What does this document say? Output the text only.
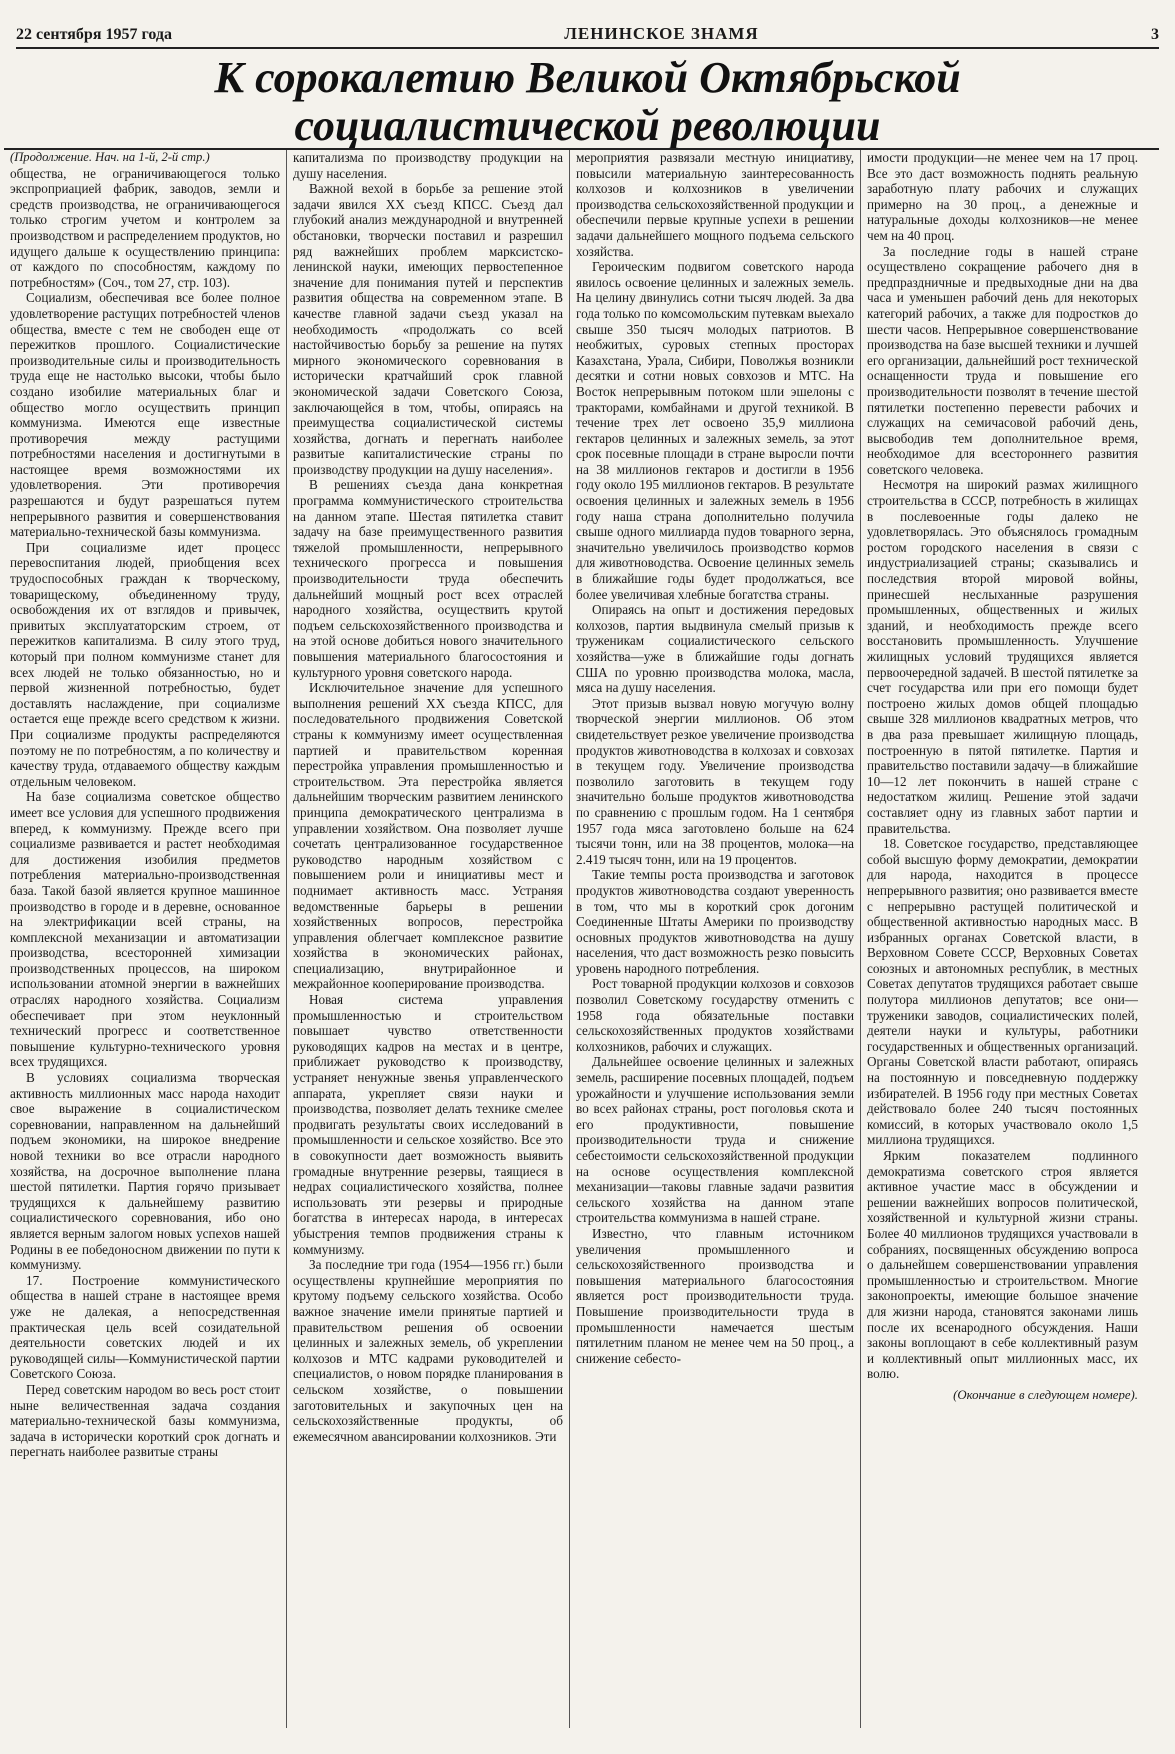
22 сентября 1957 года	ЛЕНИНСКОЕ ЗНАМЯ	3
К сорокалетию Великой Октябрьской
социалистической революции

(Продолжение. Нач. на 1-й, 2-й стр.)

общества, не ограничивающегося только экспроприацией фабрик, заводов, земли и средств производства, не ограничивающегося только строгим учетом и контролем за производством и распределением продуктов, но идущего дальше к осуществлению принципа: от каждого по способностям, каждому по потребностям» (Соч., том 27, стр. 103).

Социализм, обеспечивая все более полное удовлетворение растущих потребностей членов общества, вместе с тем не свободен еще от пережитков прошлого. Социалистические производительные силы и производительность труда еще не настолько высоки, чтобы было создано изобилие материальных благ и общество могло осуществить принцип коммунизма. Имеются еще известные противоречия между растущими потребностями населения и достигнутыми в настоящее время возможностями их удовлетворения. Эти противоречия разрешаются и будут разрешаться путем непрерывного развития и совершенствования материально-технической базы коммунизма.

При социализме идет процесс перевоспитания людей, приобщения всех трудоспособных граждан к творческому, товарищескому, объединенному труду, освобождения их от взглядов и привычек, привитых эксплуататорским строем, от пережитков капитализма. В силу этого труд, который при полном коммунизме станет для всех людей не только обязанностью, но и первой жизненной потребностью, будет доставлять наслаждение, при социализме остается еще прежде всего средством к жизни. При социализме продукты распределяются поэтому не по потребностям, а по количеству и качеству труда, отдаваемого обществу каждым отдельным человеком.

На базе социализма советское общество имеет все условия для успешного продвижения вперед, к коммунизму. Прежде всего при социализме развивается и растет необходимая для достижения изобилия предметов потребления материально-производственная база. Такой базой является крупное машинное производство в городе и в деревне, основанное на электрификации всей страны, на комплексной механизации и автоматизации производства, всесторонней химизации производственных процессов, на широком использовании атомной энергии в важнейших отраслях народного хозяйства. Социализм обеспечивает при этом неуклонный технический прогресс и соответственное повышение культурно-технического уровня всех трудящихся.

В условиях социализма творческая активность миллионных масс народа находит свое выражение в социалистическом соревновании, направленном на дальнейший подъем экономики, на широкое внедрение новой техники во все отрасли народного хозяйства, на досрочное выполнение плана шестой пятилетки. Партия горячо призывает трудящихся к дальнейшему развитию социалистического соревнования, ибо оно является верным залогом новых успехов нашей Родины в ее победоносном движении по пути к коммунизму.

17. Построение коммунистического общества в нашей стране в настоящее время уже не далекая, а непосредственная практическая цель всей созидательной деятельности советских людей и их руководящей силы—Коммунистической партии Советского Союза.

Перед советским народом во весь рост стоит ныне величественная задача создания материально-технической базы коммунизма, задача в исторически короткий срок догнать и перегнать наиболее развитые страны

капитализма по производству продукции на душу населения.

Важной вехой в борьбе за решение этой задачи явился XX съезд КПСС. Съезд дал глубокий анализ международной и внутренней обстановки, творчески поставил и разрешил ряд важнейших проблем марксистско-ленинской науки, имеющих первостепенное значение для понимания путей и перспектив развития общества на современном этапе. В качестве главной задачи съезд указал на необходимость «продолжать со всей настойчивостью борьбу за решение на путях мирного экономического соревнования в исторически кратчайший срок главной экономической задачи Советского Союза, заключающейся в том, чтобы, опираясь на преимущества социалистической системы хозяйства, догнать и перегнать наиболее развитые капиталистические страны по производству продукции на душу населения».

В решениях съезда дана конкретная программа коммунистического строительства на данном этапе. Шестая пятилетка ставит задачу на базе преимущественного развития тяжелой промышленности, непрерывного технического прогресса и повышения производительности труда обеспечить дальнейший мощный рост всех отраслей народного хозяйства, осуществить крутой подъем сельскохозяйственного производства и на этой основе добиться нового значительного повышения материального благосостояния и культурного уровня советского народа.

Исключительное значение для успешного выполнения решений XX съезда КПСС, для последовательного продвижения Советской страны к коммунизму имеет осуществленная партией и правительством коренная перестройка управления промышленностью и строительством. Эта перестройка является дальнейшим творческим развитием ленинского принципа демократического централизма в управлении хозяйством. Она позволяет лучше сочетать централизованное государственное руководство народным хозяйством с повышением роли и инициативы мест и поднимает активность масс. Устраняя ведомственные барьеры в решении хозяйственных вопросов, перестройка управления облегчает комплексное развитие хозяйства в экономических районах, специализацию, внутрирайонное и межрайонное кооперирование производства.

Новая система управления промышленностью и строительством повышает чувство ответственности руководящих кадров на местах и в центре, приближает руководство к производству, устраняет ненужные звенья управленческого аппарата, укрепляет связи науки и производства, позволяет делать технике смелее продвигать результаты своих исследований в промышленности и сельское хозяйство. Все это в совокупности дает возможность выявить громадные внутренние резервы, таящиеся в недрах социалистического хозяйства, полнее использовать эти резервы и природные богатства в интересах народа, в интересах убыстрения темпов продвижения страны к коммунизму.

За последние три года (1954—1956 гг.) были осуществлены крупнейшие мероприятия по крутому подъему сельского хозяйства. Особо важное значение имели принятые партией и правительством решения об освоении целинных и залежных земель, об укреплении колхозов и МТС кадрами руководителей и специалистов, о новом порядке планирования в сельском хозяйстве, о повышении заготовительных и закупочных цен на сельскохозяйственные продукты, об ежемесячном авансировании колхозников. Эти

мероприятия развязали местную инициативу, повысили материальную заинтересованность колхозов и колхозников в увеличении производства сельскохозяйственной продукции и обеспечили первые крупные успехи в решении задачи дальнейшего мощного подъема сельского хозяйства.

Героическим подвигом советского народа явилось освоение целинных и залежных земель. На целину двинулись сотни тысяч людей. За два года только по комсомольским путевкам выехало свыше 350 тысяч молодых патриотов. В необжитых, суровых степных просторах Казахстана, Урала, Сибири, Поволжья возникли десятки и сотни новых совхозов и МТС. На Восток непрерывным потоком шли эшелоны с тракторами, комбайнами и другой техникой. В течение трех лет освоено 35,9 миллиона гектаров целинных и залежных земель, за этот срок посевные площади в стране выросли почти на 38 миллионов гектаров и достигли в 1956 году около 195 миллионов гектаров. В результате освоения целинных и залежных земель в 1956 году наша страна дополнительно получила свыше одного миллиарда пудов товарного зерна, значительно увеличилось производство кормов для животноводства. Освоение целинных земель в ближайшие годы будет продолжаться, все более увеличивая хлебные богатства страны.

Опираясь на опыт и достижения передовых колхозов, партия выдвинула смелый призыв к труженикам социалистического сельского хозяйства—уже в ближайшие годы догнать США по уровню производства молока, масла, мяса на душу населения.

Этот призыв вызвал новую могучую волну творческой энергии миллионов. Об этом свидетельствует резкое увеличение производства продуктов животноводства в колхозах и совхозах в текущем году. Увеличение производства позволило заготовить в текущем году значительно больше продуктов животноводства по сравнению с прошлым годом. На 1 сентября 1957 года мяса заготовлено больше на 624 тысячи тонн, или на 38 процентов, молока—на 2.419 тысяч тонн, или на 19 процентов.

Такие темпы роста производства и заготовок продуктов животноводства создают уверенность в том, что мы в короткий срок догоним Соединенные Штаты Америки по производству основных продуктов животноводства на душу населения, что даст возможность резко повысить уровень народного потребления.

Рост товарной продукции колхозов и совхозов позволил Советскому государству отменить с 1958 года обязательные поставки сельскохозяйственных продуктов хозяйствами колхозников, рабочих и служащих.

Дальнейшее освоение целинных и залежных земель, расширение посевных площадей, подъем урожайности и улучшение использования земли во всех районах страны, рост поголовья скота и его продуктивности, повышение производительности труда и снижение себестоимости сельскохозяйственной продукции на основе осуществления комплексной механизации—таковы главные задачи развития сельского хозяйства на данном этапе строительства коммунизма в нашей стране.

Известно, что главным источником увеличения промышленного и сельскохозяйственного производства и повышения материального благосостояния является рост производительности труда. Повышение производительности труда в промышленности намечается шестым пятилетним планом не менее чем на 50 проц., а снижение себесто-

имости продукции—не менее чем на 17 проц. Все это даст возможность поднять реальную заработную плату рабочих и служащих примерно на 30 проц., а денежные и натуральные доходы колхозников—не менее чем на 40 проц.

За последние годы в нашей стране осуществлено сокращение рабочего дня в предпраздничные и предвыходные дни на два часа и уменьшен рабочий день для некоторых категорий рабочих, а также для подростков до шести часов. Непрерывное совершенствование производства на базе высшей техники и лучшей его организации, дальнейший рост технической оснащенности труда и повышение его производительности позволят в течение шестой пятилетки постепенно перевести рабочих и служащих на семичасовой рабочий день, высвободив тем дополнительное время, необходимое для всестороннего развития советского человека.

Несмотря на широкий размах жилищного строительства в СССР, потребность в жилищах в послевоенные годы далеко не удовлетворялась. Это объяснялось громадным ростом городского населения в связи с индустриализацией страны; сказывались и последствия второй мировой войны, принесшей неслыханные разрушения промышленных, общественных и жилых зданий, и необходимость прежде всего восстановить промышленность. Улучшение жилищных условий трудящихся является первоочередной задачей. В шестой пятилетке за счет государства или при его помощи будет построено жилых домов общей площадью свыше 328 миллионов квадратных метров, что в два раза превышает жилищную площадь, построенную в пятой пятилетке. Партия и правительство поставили задачу—в ближайшие 10—12 лет покончить в нашей стране с недостатком жилищ. Решение этой задачи составляет одну из главных забот партии и правительства.

18. Советское государство, представляющее собой высшую форму демократии, демократии для народа, находится в процессе непрерывного развития; оно развивается вместе с непрерывно растущей политической и общественной активностью народных масс. В избранных органах Советской власти, в Верховном Совете СССР, Верховных Советах союзных и автономных республик, в местных Советах депутатов трудящихся работает свыше полутора миллионов депутатов; все они—труженики заводов, социалистических полей, деятели науки и культуры, работники государственных и общественных организаций. Органы Советской власти работают, опираясь на постоянную и повседневную поддержку избирателей. В 1956 году при местных Советах действовало более 240 тысяч постоянных комиссий, в которых участвовало около 1,5 миллиона трудящихся.

Ярким показателем подлинного демократизма советского строя является активное участие масс в обсуждении и решении важнейших вопросов политической, хозяйственной и культурной жизни страны. Более 40 миллионов трудящихся участвовали в собраниях, посвященных обсуждению вопроса о дальнейшем совершенствовании управления промышленностью и строительством. Многие законопроекты, имеющие большое значение для жизни народа, становятся законами лишь после их всенародного обсуждения. Наши законы воплощают в себе коллективный разум и коллективный опыт миллионных масс, их волю.

(Окончание в следующем номере).
